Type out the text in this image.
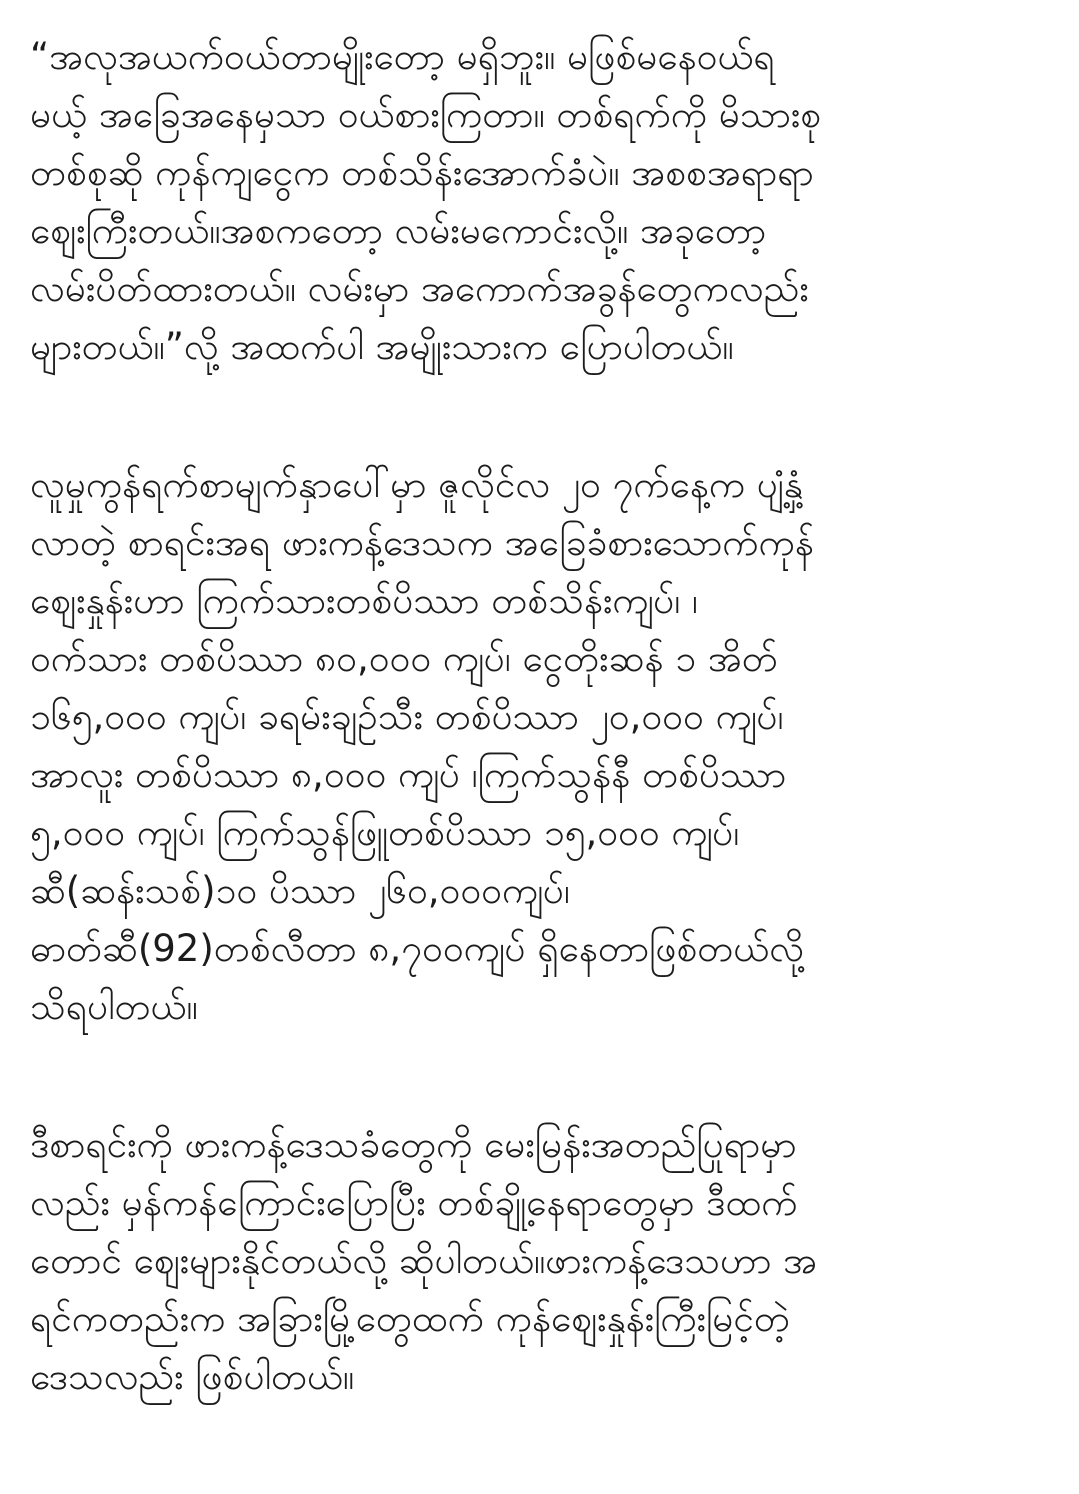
“အလုအယက်ဝယ်တာမျိုးတော့ မရှိဘူး။ မဖြစ်မနေဝယ်ရ
မယ့် အခြေအနေမှသာ ဝယ်စားကြတာ။ တစ်ရက်ကို မိသားစု
တစ်စုဆို ကုန်ကျငွေက တစ်သိန်းအောက်ခံပဲ။ အစစအရာရာ
ဈေးကြီးတယ်။အစကတော့ လမ်းမကောင်းလို့။ အခုတော့
လမ်းပိတ်ထားတယ်။ လမ်းမှာ အကောက်အခွန်တွေကလည်း
များတယ်။”လို့ အထက်ပါ အမျိုးသားက ပြောပါတယ်။
လူမှုကွန်ရက်စာမျက်နှာပေါ်မှာ ဇူလိုင်လ ၂၀ ၇က်နေ့က ပျံ့နှံ့
လာတဲ့ စာရင်းအရ ဖားကန့်ဒေသက အခြေခံစားသောက်ကုန်
ဈေးနှုန်းဟာ ကြက်သားတစ်ပိဿာ တစ်သိန်းကျပ်၊ ၊
ဝက်သား တစ်ပိဿာ ၈၀,၀၀၀ ကျပ်၊ ငွေတိုးဆန် ၁ အိတ်
၁၆၅,၀၀၀ ကျပ်၊ ခရမ်းချဉ်သီး တစ်ပိဿာ ၂၀,၀၀၀ ကျပ်၊
အာလူး တစ်ပိဿာ ၈,၀၀၀ ကျပ် ၊ကြက်သွန်နီ တစ်ပိဿာ
၅,၀၀၀ ကျပ်၊ ကြက်သွန်ဖြူတစ်ပိဿာ ၁၅,၀၀၀ ကျပ်၊
ဆီ(ဆန်းသစ်)၁၀ ပိဿာ ၂၆၀,၀၀၀ကျပ်၊
ဓာတ်ဆီ(92)တစ်လီတာ ၈,၇၀၀ကျပ် ရှိနေတာဖြစ်တယ်လို့
သိရပါတယ်။
ဒီစာရင်းကို ဖားကန့်ဒေသခံတွေကို မေးမြန်းအတည်ပြုရာမှာ
လည်း မှန်ကန်ကြောင်းပြောပြီး တစ်ချို့နေရာတွေမှာ ဒီထက်
တောင် ဈေးများနိုင်တယ်လို့ ဆိုပါတယ်။ဖားကန့်ဒေသဟာ အ
ရင်ကတည်းက အခြားမြို့တွေထက် ကုန်ဈေးနှုန်းကြီးမြင့်တဲ့
ဒေသလည်း ဖြစ်ပါတယ်။
